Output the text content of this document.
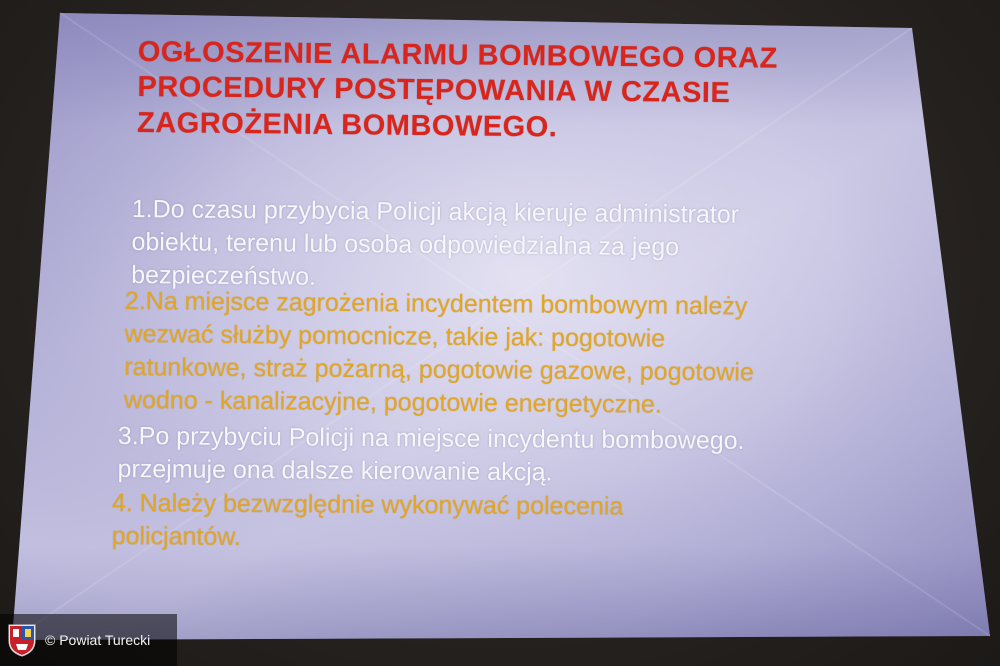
OGŁOSZENIE ALARMU BOMBOWEGO ORAZ
PROCEDURY POSTĘPOWANIA W CZASIE
ZAGROŻENIA BOMBOWEGO.
1.Do czasu przybycia Policji akcją kieruje administrator
obiektu, terenu lub osoba odpowiedzialna za jego
bezpieczeństwo.
2.Na miejsce zagrożenia incydentem bombowym należy
wezwać służby pomocnicze, takie jak: pogotowie
ratunkowe, straż pożarną, pogotowie gazowe, pogotowie
wodno - kanalizacyjne, pogotowie energetyczne.
3.Po przybyciu Policji na miejsce incydentu bombowego.
przejmuje ona dalsze kierowanie akcją.
4. Należy bezwzględnie wykonywać polecenia
policjantów.
© Powiat Turecki
